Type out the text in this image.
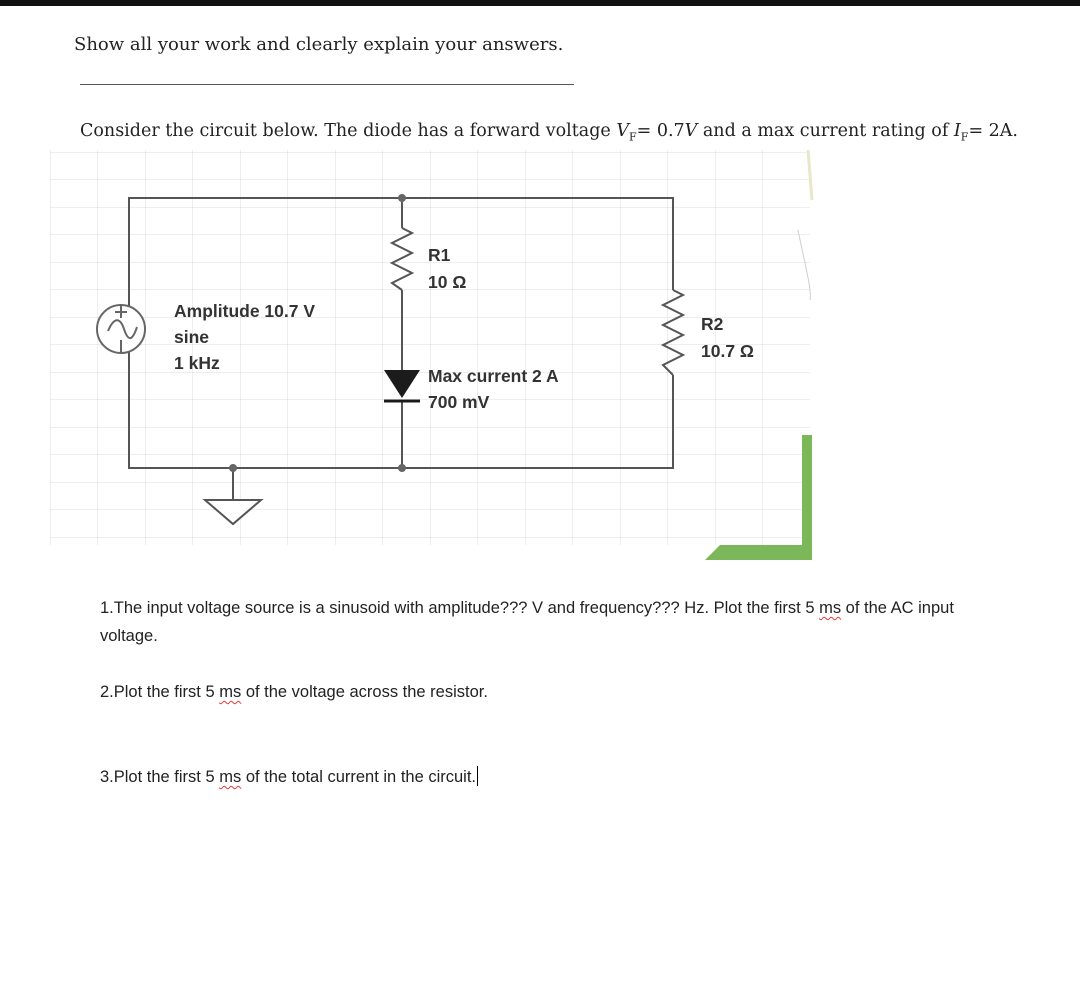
Show all your work and clearly explain your answers.
Consider the circuit below. The diode has a forward voltage $V_F= 0.7V$ and a max current rating of $I_F= 2A$.
Amplitude 10.7 V
sine
1 kHz
R1
10 Ω
Max current 2 A
700 mV
R2
10.7 Ω
1.The input voltage source is a sinusoid with amplitude??? V and frequency??? Hz. Plot the first 5 ms of the AC input voltage.
2.Plot the first 5 ms of the voltage across the resistor.
3.Plot the first 5 ms of the total current in the circuit.
